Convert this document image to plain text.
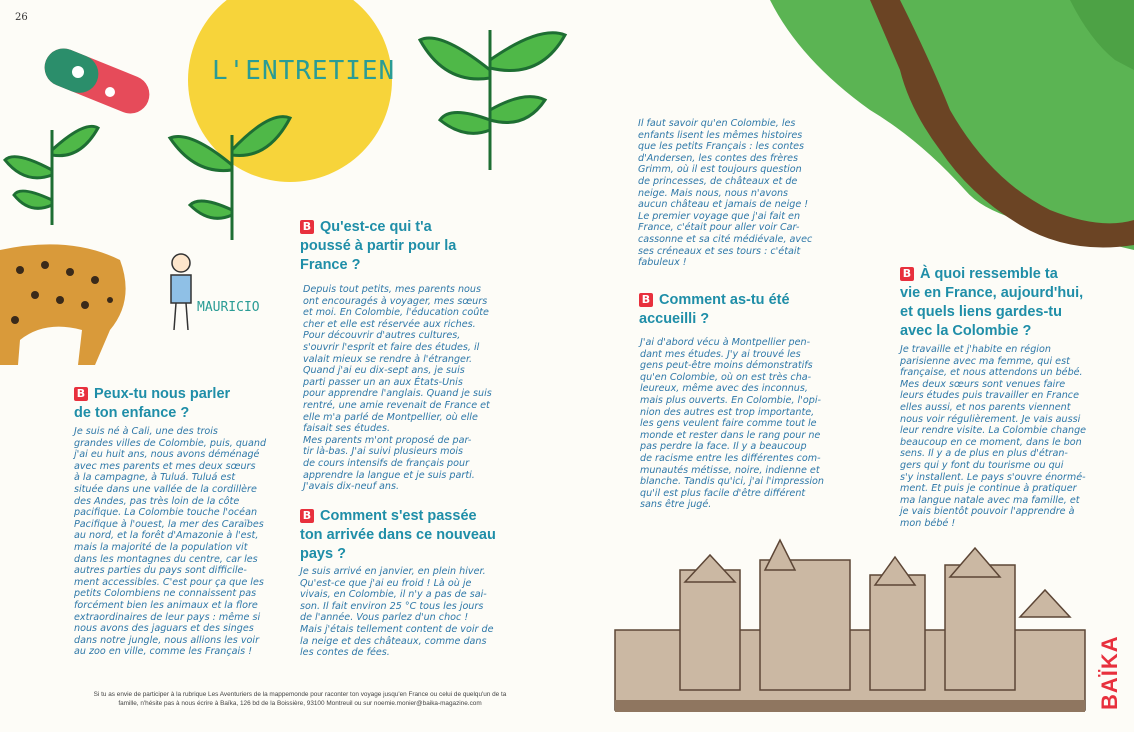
26
L'ENTRETIEN
MAURICIO
B Peux-tu nous parler
de ton enfance ?
Je suis né à Cali, une des trois
grandes villes de Colombie, puis, quand
j'ai eu huit ans, nous avons déménagé
avec mes parents et mes deux sœurs
à la campagne, à Tuluá. Tuluá est
située dans une vallée de la cordillère
des Andes, pas très loin de la côte
pacifique. La Colombie touche l'océan
Pacifique à l'ouest, la mer des Caraïbes
au nord, et la forêt d'Amazonie à l'est,
mais la majorité de la population vit
dans les montagnes du centre, car les
autres parties du pays sont difficile-
ment accessibles. C'est pour ça que les
petits Colombiens ne connaissent pas
forcément bien les animaux et la flore
extraordinaires de leur pays : même si
nous avons des jaguars et des singes
dans notre jungle, nous allions les voir
au zoo en ville, comme les Français !
B Qu'est-ce qui t'a
poussé à partir pour la
France ?
Depuis tout petits, mes parents nous
ont encouragés à voyager, mes sœurs
et moi. En Colombie, l'éducation coûte
cher et elle est réservée aux riches.
Pour découvrir d'autres cultures,
s'ouvrir l'esprit et faire des études, il
valait mieux se rendre à l'étranger.
Quand j'ai eu dix-sept ans, je suis
parti passer un an aux États-Unis
pour apprendre l'anglais. Quand je suis
rentré, une amie revenait de France et
elle m'a parlé de Montpellier, où elle
faisait ses études.
Mes parents m'ont proposé de par-
tir là-bas. J'ai suivi plusieurs mois
de cours intensifs de français pour
apprendre la langue et je suis parti.
J'avais dix-neuf ans.
B Comment s'est passée
ton arrivée dans ce nouveau
pays ?
Je suis arrivé en janvier, en plein hiver.
Qu'est-ce que j'ai eu froid ! Là où je
vivais, en Colombie, il n'y a pas de sai-
son. Il fait environ 25 °C tous les jours
de l'année. Vous parlez d'un choc !
Mais j'étais tellement content de voir de
la neige et des châteaux, comme dans
les contes de fées.
Si tu as envie de participer à la rubrique Les Aventuriers de la mappemonde pour raconter ton voyage jusqu'en France ou celui de quelqu'un de ta
famille, n'hésite pas à nous écrire à Baïka, 126 bd de la Boissière, 93100 Montreuil ou sur noemie.monier@baika-magazine.com
Il faut savoir qu'en Colombie, les
enfants lisent les mêmes histoires
que les petits Français : les contes
d'Andersen, les contes des frères
Grimm, où il est toujours question
de princesses, de châteaux et de
neige. Mais nous, nous n'avons
aucun château et jamais de neige !
Le premier voyage que j'ai fait en
France, c'était pour aller voir Car-
cassonne et sa cité médiévale, avec
ses créneaux et ses tours : c'était
fabuleux !
B Comment as-tu été
accueilli ?
J'ai d'abord vécu à Montpellier pen-
dant mes études. J'y ai trouvé les
gens peut-être moins démonstratifs
qu'en Colombie, où on est très cha-
leureux, même avec des inconnus,
mais plus ouverts. En Colombie, l'opi-
nion des autres est trop importante,
les gens veulent faire comme tout le
monde et rester dans le rang pour ne
pas perdre la face. Il y a beaucoup
de racisme entre les différentes com-
munautés métisse, noire, indienne et
blanche. Tandis qu'ici, j'ai l'impression
qu'il est plus facile d'être différent
sans être jugé.
B À quoi ressemble ta
vie en France, aujourd'hui,
et quels liens gardes-tu
avec la Colombie ?
Je travaille et j'habite en région
parisienne avec ma femme, qui est
française, et nous attendons un bébé.
Mes deux sœurs sont venues faire
leurs études puis travailler en France
elles aussi, et nos parents viennent
nous voir régulièrement. Je vais aussi
leur rendre visite. La Colombie change
beaucoup en ce moment, dans le bon
sens. Il y a de plus en plus d'étran-
gers qui y font du tourisme ou qui
s'y installent. Le pays s'ouvre énormé-
ment. Et puis je continue à pratiquer
ma langue natale avec ma famille, et
je vais bientôt pouvoir l'apprendre à
mon bébé !
BAÏKA
